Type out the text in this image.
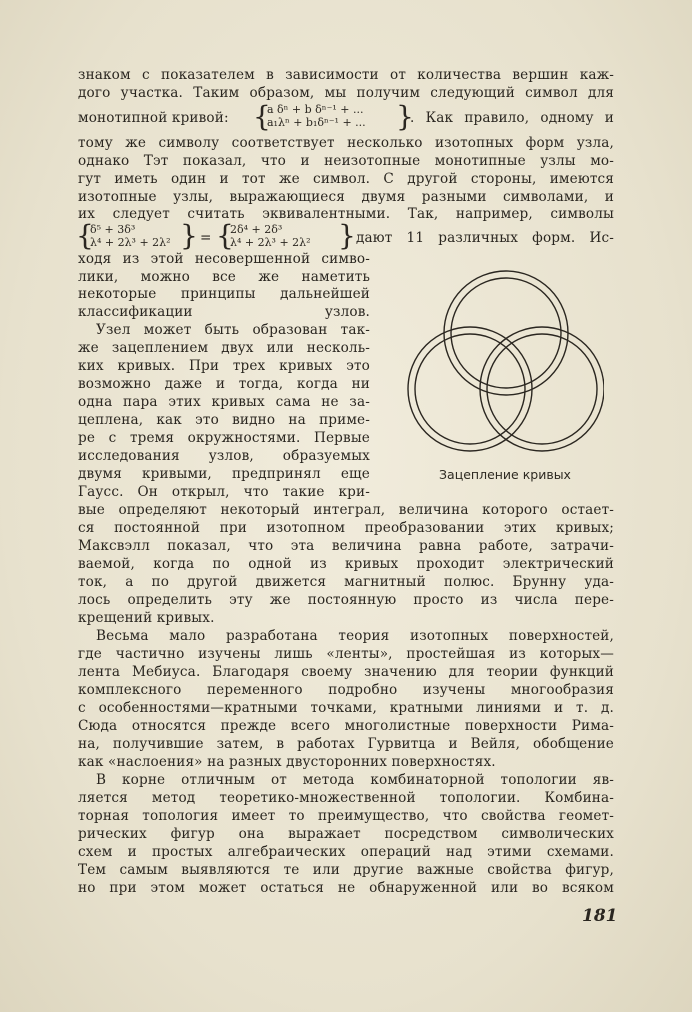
знаком с показателем в зависимости от количества вершин каж-
дого участка. Таким образом, мы получим следующий символ для
монотипной кривой: {
a δⁿ + b δⁿ⁻¹ + ...
a₁λⁿ + b₁δⁿ⁻¹ + ... }
. Как правило, одному и
тому же символу соответствует несколько изотопных форм узла,
однако Тэт показал, что и неизотопные монотипные узлы мо-
гут иметь один и тот же символ. С другой стороны, имеются
изотопные узлы, выражающиеся двумя разными символами, и
их следует считать эквивалентными. Так, например, символы
{
δ⁵ + 3δ³
λ⁴ + 2λ³ + 2λ² } = {
2δ⁴ + 2δ³
λ⁴ + 2λ³ + 2λ² } дают 11 различных форм. Ис-
ходя из этой несовершенной симво-
лики, можно все же наметить
некоторые принципы дальнейшей
классификации узлов.
Узел может быть образован так-
же зацеплением двух или несколь-
ких кривых. При трех кривых это
возможно даже и тогда, когда ни
одна пара этих кривых сама не за-
цеплена, как это видно на приме-
ре с тремя окружностями. Первые
исследования узлов, образуемых
двумя кривыми, предпринял еще
Гаусс. Он открыл, что такие кри-
вые определяют некоторый интеграл, величина которого остает-
ся постоянной при изотопном преобразовании этих кривых;
Максвэлл показал, что эта величина равна работе, затрачи-
ваемой, когда по одной из кривых проходит электрический
ток, а по другой движется магнитный полюс. Брунну уда-
лось определить эту же постоянную просто из числа пере-
крещений кривых.
Весьма мало разработана теория изотопных поверхностей,
где частично изучены лишь «ленты», простейшая из которых—
лента Мебиуса. Благодаря своему значению для теории функций
комплексного переменного подробно изучены многообразия
с особенностями—кратными точками, кратными линиями и т. д.
Сюда относятся прежде всего многолистные поверхности Рима-
на, получившие затем, в работах Гурвитца и Вейля, обобщение
как «наслоения» на разных двусторонних поверхностях.
В корне отличным от метода комбинаторной топологии яв-
ляется метод теоретико-множественной топологии. Комбина-
торная топология имеет то преимущество, что свойства геомет-
рических фигур она выражает посредством символических
схем и простых алгебраических операций над этими схемами.
Тем самым выявляются те или другие важные свойства фигур,
но при этом может остаться не обнаруженной или во всяком
Зацепление кривых
181
